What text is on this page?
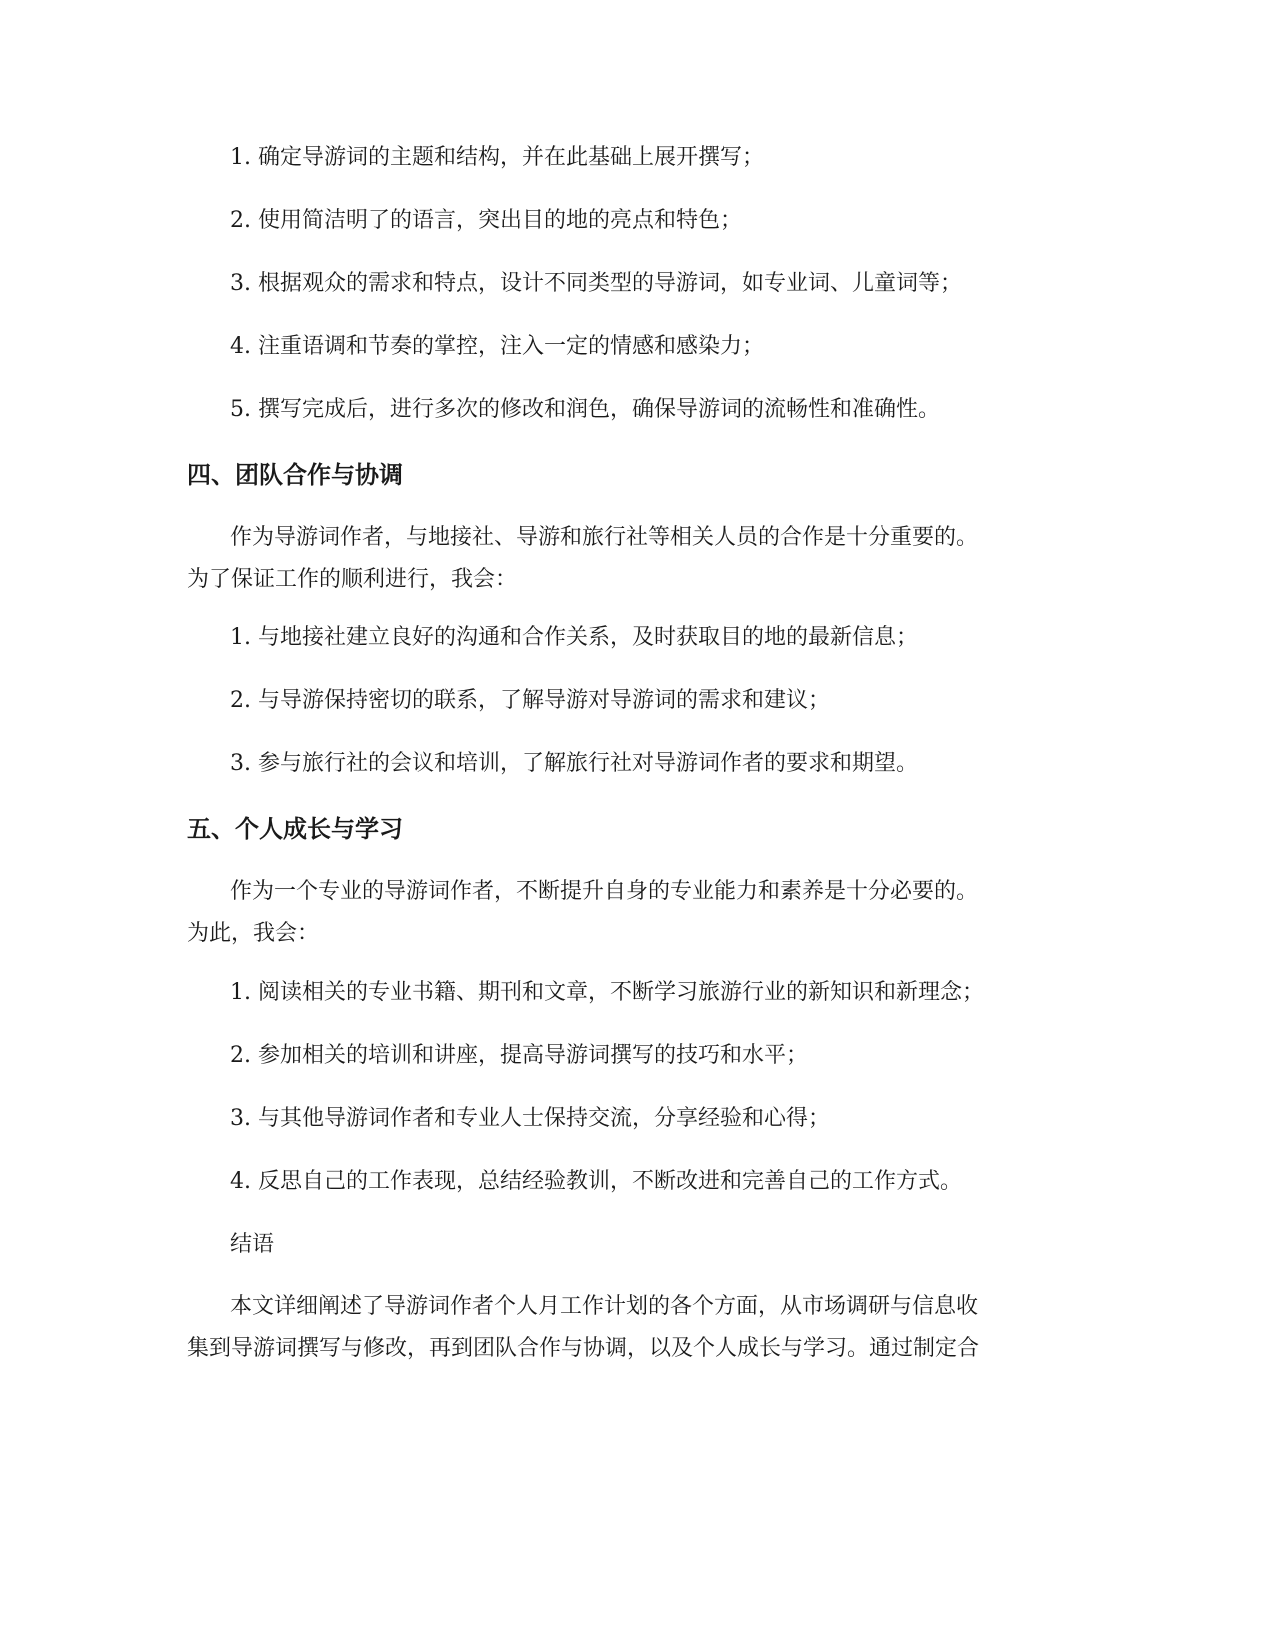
1. 确定导游词的主题和结构，并在此基础上展开撰写；
2. 使用简洁明了的语言，突出目的地的亮点和特色；
3. 根据观众的需求和特点，设计不同类型的导游词，如专业词、儿童词等；
4. 注重语调和节奏的掌控，注入一定的情感和感染力；
5. 撰写完成后，进行多次的修改和润色，确保导游词的流畅性和准确性。
四、团队合作与协调
作为导游词作者，与地接社、导游和旅行社等相关人员的合作是十分重要的。
为了保证工作的顺利进行，我会：
1. 与地接社建立良好的沟通和合作关系，及时获取目的地的最新信息；
2. 与导游保持密切的联系，了解导游对导游词的需求和建议；
3. 参与旅行社的会议和培训，了解旅行社对导游词作者的要求和期望。
五、个人成长与学习
作为一个专业的导游词作者，不断提升自身的专业能力和素养是十分必要的。
为此，我会：
1. 阅读相关的专业书籍、期刊和文章，不断学习旅游行业的新知识和新理念；
2. 参加相关的培训和讲座，提高导游词撰写的技巧和水平；
3. 与其他导游词作者和专业人士保持交流，分享经验和心得；
4. 反思自己的工作表现，总结经验教训，不断改进和完善自己的工作方式。
结语
本文详细阐述了导游词作者个人月工作计划的各个方面，从市场调研与信息收
集到导游词撰写与修改，再到团队合作与协调，以及个人成长与学习。通过制定合
